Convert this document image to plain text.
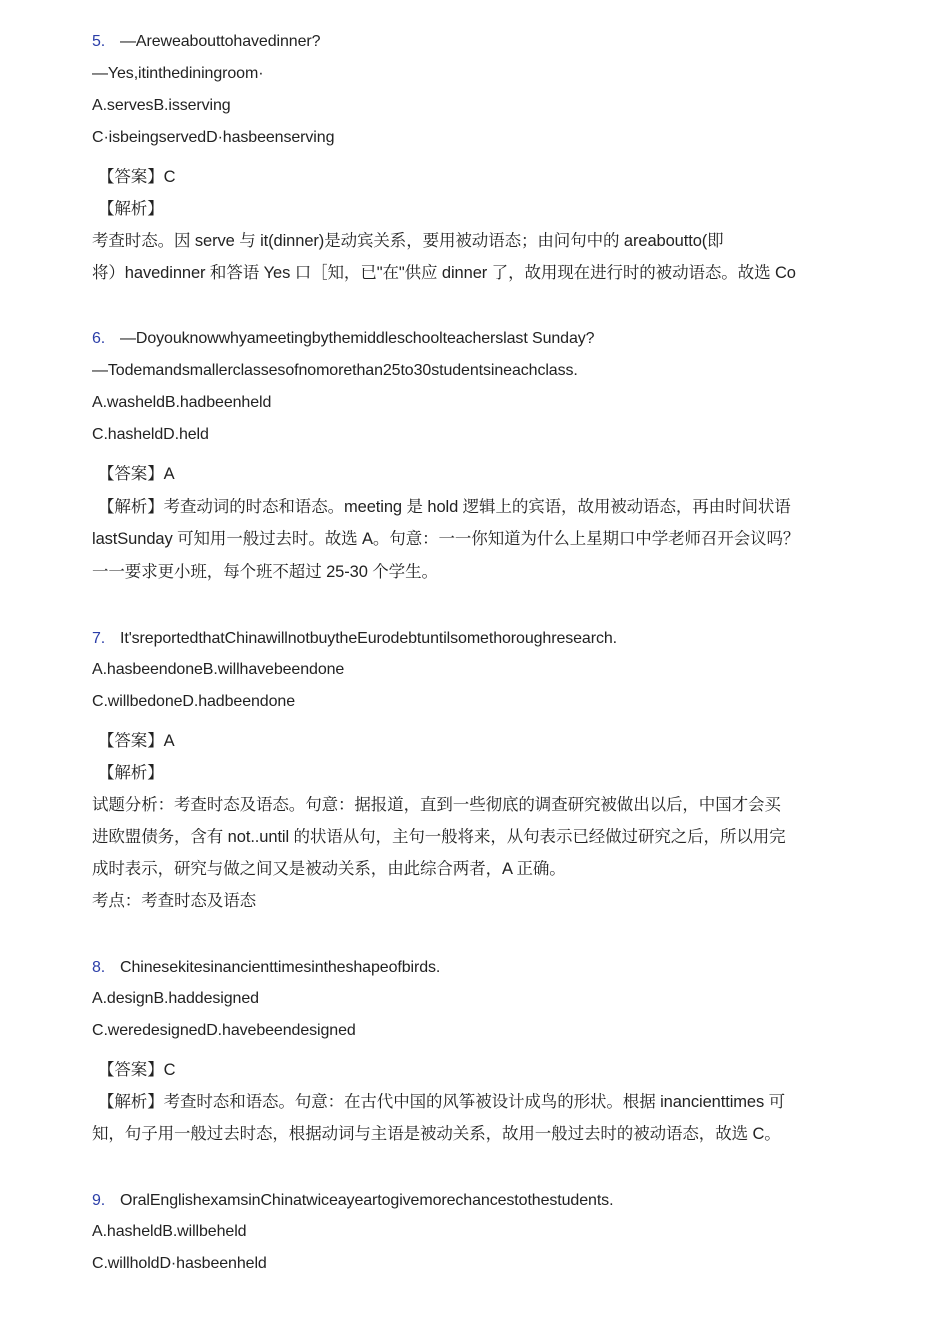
5. —Areweabouttohavedinner?
—Yes,itinthediningroom·
A.servesB.isserving
C·isbeingservedD·hasbeenserving
【答案】C
【解析】
考查时态。因 serve 与 it(dinner)是动宾关系，要用被动语态；由问句中的 areaboutto(即
将）havedinner 和答语 Yes 口［知，已"在"供应 dinner 了，故用现在进行时的被动语态。故选 Co
6. —Doyouknowwhyameetingbythemiddleschoolteacherslast Sunday?
—Todemandsmallerclassesofnomorethan25to30studentsineachclass.
A.washeldB.hadbeenheld
C.hasheldD.held
【答案】A
【解析】考查动词的时态和语态。meeting 是 hold 逻辑上的宾语，故用被动语态，再由时间状语
lastSunday 可知用一般过去时。故选 A。句意：一一你知道为什么上星期口中学老师召开会议吗？
一一要求更小班，每个班不超过 25-30 个学生。
7. It'sreportedthatChinawillnotbuytheEurodebtuntilsomethoroughresearch.
A.hasbeendoneB.willhavebeendone
C.willbedoneD.hadbeendone
【答案】A
【解析】
试题分析：考查时态及语态。句意：据报道，直到一些彻底的调查研究被做出以后，中国才会买
进欧盟债务，含有 not..until 的状语从句，主句一般将来，从句表示已经做过研究之后，所以用完
成时表示，研究与做之间又是被动关系，由此综合两者，A 正确。
考点：考查时态及语态
8. Chinesekitesinancienttimesintheshapeofbirds.
A.designB.haddesigned
C.weredesignedD.havebeendesigned
【答案】C
【解析】考查时态和语态。句意：在古代中国的风筝被设计成鸟的形状。根据 inancienttimes 可
知，句子用一般过去时态，根据动词与主语是被动关系，故用一般过去时的被动语态，故选 C。
9. OralEnglishexamsinChinatwiceayeartogivemorechancestothestudents.
A.hasheldB.willbeheld
C.willholdD·hasbeenheld
